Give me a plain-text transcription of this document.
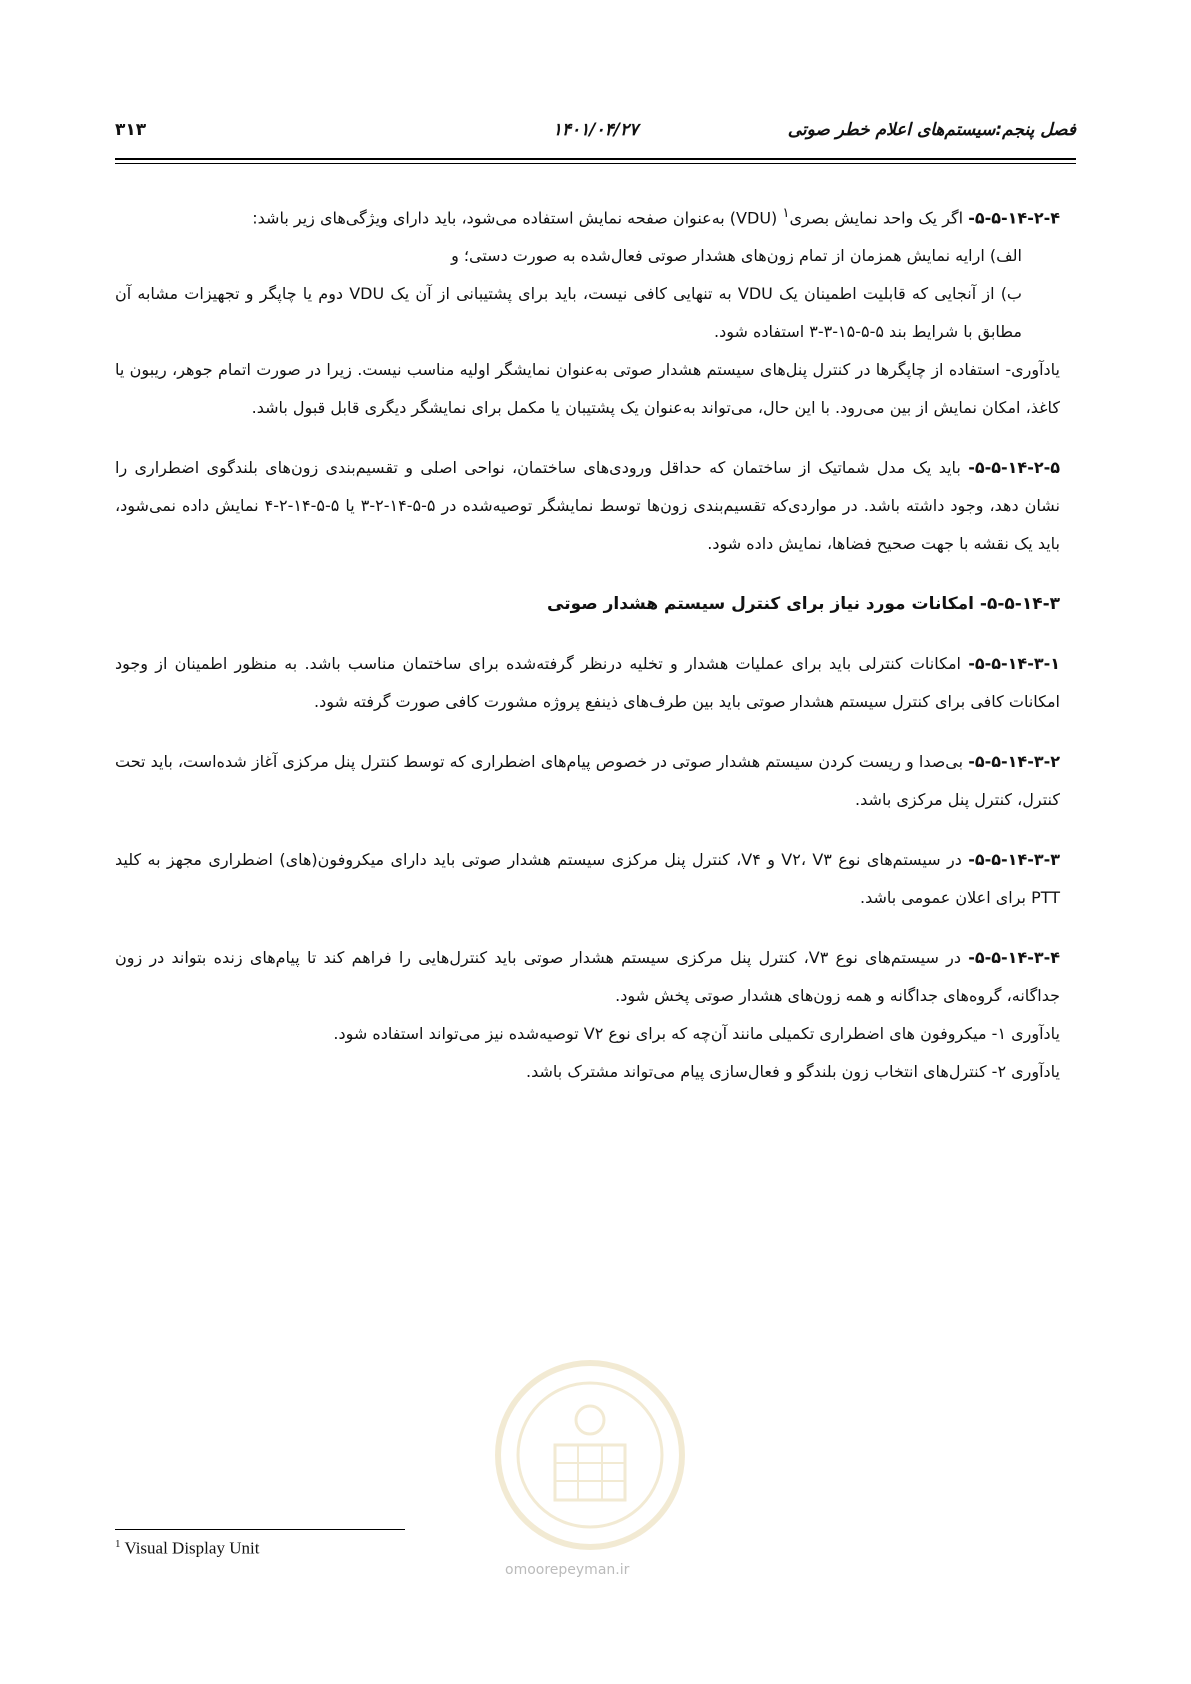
فصل پنجم:سیستم‌های اعلام خطر صوتی
۱۴۰۱/۰۴/۲۷
۳۱۳

۵-۵-۱۴-۲-۴- اگر یک واحد نمایش بصری$^۱$ (VDU) به‌عنوان صفحه نمایش استفاده می‌شود، باید دارای ویژگی‌های زیر باشد:

الف) ارایه نمایش همزمان از تمام زون‌های هشدار صوتی فعال‌شده به صورت دستی؛ و

ب) از آنجایی که قابلیت اطمینان یک VDU به تنهایی کافی نیست، باید برای پشتیبانی از آن یک VDU دوم یا چاپگر و تجهیزات مشابه آن مطابق با شرایط بند ۵-۵-۱۵-۳-۳ استفاده شود.

یادآوری- استفاده از چاپگرها در کنترل پنل‌های سیستم هشدار صوتی به‌عنوان نمایشگر اولیه مناسب نیست. زیرا در صورت اتمام جوهر، ریبون یا کاغذ، امکان نمایش از بین می‌رود. با این حال، می‌تواند به‌عنوان یک پشتیبان یا مکمل برای نمایشگر دیگری قابل قبول باشد.

۵-۵-۱۴-۲-۵- باید یک مدل شماتیک از ساختمان که حداقل ورودی‌های ساختمان، نواحی اصلی و تقسیم‌بندی زون‌های بلندگوی اضطراری را نشان دهد، وجود داشته باشد. در مواردی‌که تقسیم‌بندی زون‌ها توسط نمایشگر توصیه‌شده در ۵-۵-۱۴-۲-۳ یا ۵-۵-۱۴-۲-۴ نمایش داده نمی‌شود، باید یک نقشه با جهت صحیح فضاها، نمایش داده شود.

۵-۵-۱۴-۳- امکانات مورد نیاز برای کنترل سیستم هشدار صوتی

۵-۵-۱۴-۳-۱- امکانات کنترلی باید برای عملیات هشدار و تخلیه درنظر گرفته‌شده برای ساختمان مناسب باشد. به منظور اطمینان از وجود امکانات کافی برای کنترل سیستم هشدار صوتی باید بین طرف‌های ذینفع پروژه مشورت کافی صورت گرفته شود.

۵-۵-۱۴-۳-۲- بی‌صدا و ریست کردن سیستم هشدار صوتی در خصوص پیام‌های اضطراری که توسط کنترل پنل مرکزی آغاز شده‌است، باید تحت کنترل، کنترل پنل مرکزی باشد.

۵-۵-۱۴-۳-۳- در سیستم‌های نوع V۲، V۳ و V۴، کنترل پنل مرکزی سیستم هشدار صوتی باید دارای میکروفون(های) اضطراری مجهز به کلید PTT برای اعلان عمومی باشد.

۵-۵-۱۴-۳-۴- در سیستم‌های نوع V۳، کنترل پنل مرکزی سیستم هشدار صوتی باید کنترل‌هایی را فراهم کند تا پیام‌های زنده بتواند در زون جداگانه، گروه‌های جداگانه و همه زون‌های هشدار صوتی پخش شود.

یادآوری ۱- میکروفون های اضطراری تکمیلی مانند آن‌چه که برای نوع V۲ توصیه‌شده نیز می‌تواند استفاده شود.

یادآوری ۲- کنترل‌های انتخاب زون بلندگو و فعال‌سازی پیام می‌تواند مشترک باشد.

omoorepeyman.ir
$^1$ Visual Display Unit
